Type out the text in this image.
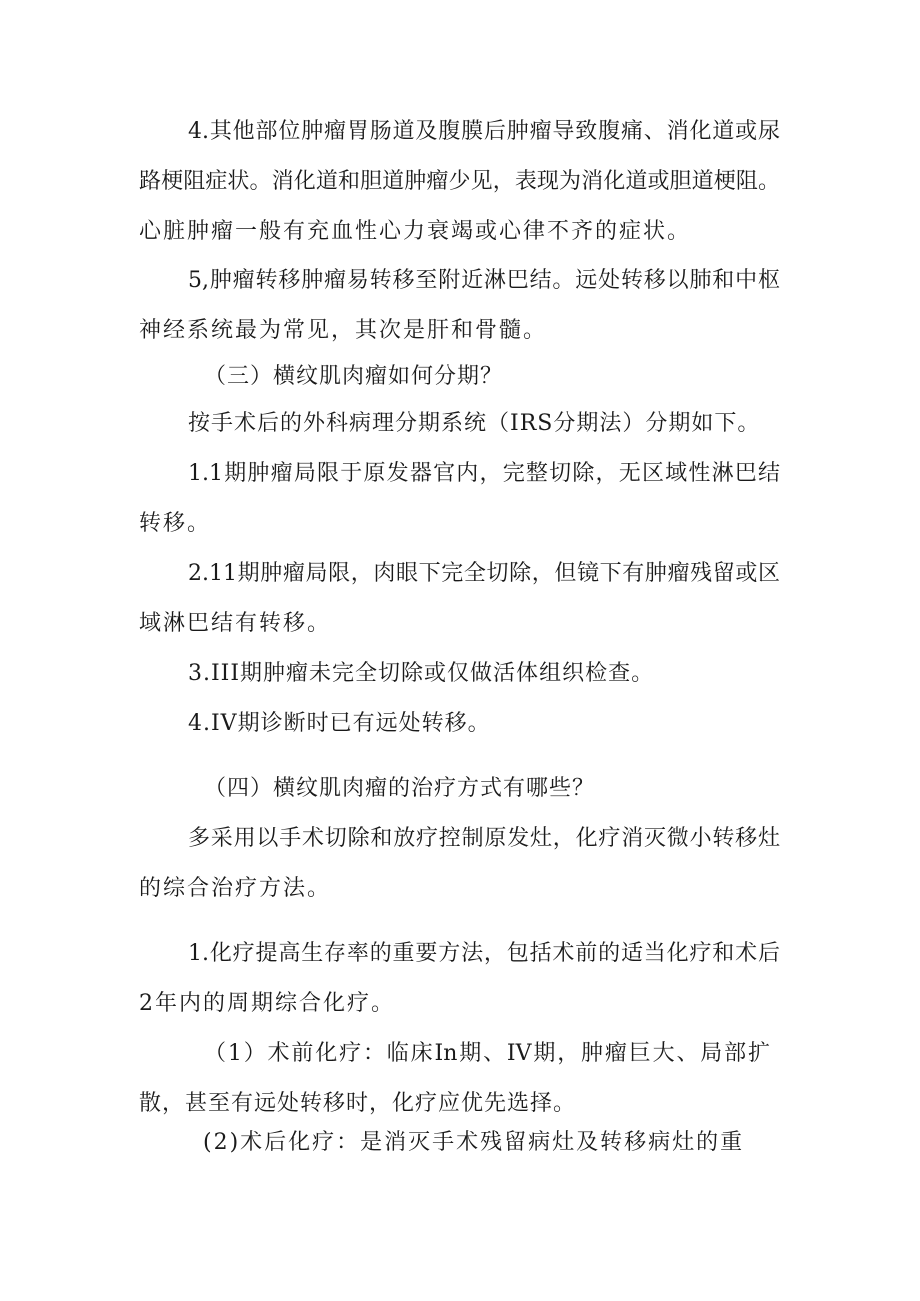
4.其他部位肿瘤胃肠道及腹膜后肿瘤导致腹痛、消化道或尿
路梗阻症状。消化道和胆道肿瘤少见，表现为消化道或胆道梗阻。
心脏肿瘤一般有充血性心力衰竭或心律不齐的症状。
5,肿瘤转移肿瘤易转移至附近淋巴结。远处转移以肺和中枢
神经系统最为常见，其次是肝和骨髓。
（三）横纹肌肉瘤如何分期？
按手术后的外科病理分期系统（IRS分期法）分期如下。
1.1期肿瘤局限于原发器官内，完整切除，无区域性淋巴结
转移。
2.11期肿瘤局限，肉眼下完全切除，但镜下有肿瘤残留或区
域淋巴结有转移。
3.III期肿瘤未完全切除或仅做活体组织检查。
4.IV期诊断时已有远处转移。
（四）横纹肌肉瘤的治疗方式有哪些？
多采用以手术切除和放疗控制原发灶，化疗消灭微小转移灶
的综合治疗方法。
1.化疗提高生存率的重要方法，包括术前的适当化疗和术后
2年内的周期综合化疗。
（1）术前化疗：临床In期、IV期，肿瘤巨大、局部扩
散，甚至有远处转移时，化疗应优先选择。
(2)术后化疗：是消灭手术残留病灶及转移病灶的重
